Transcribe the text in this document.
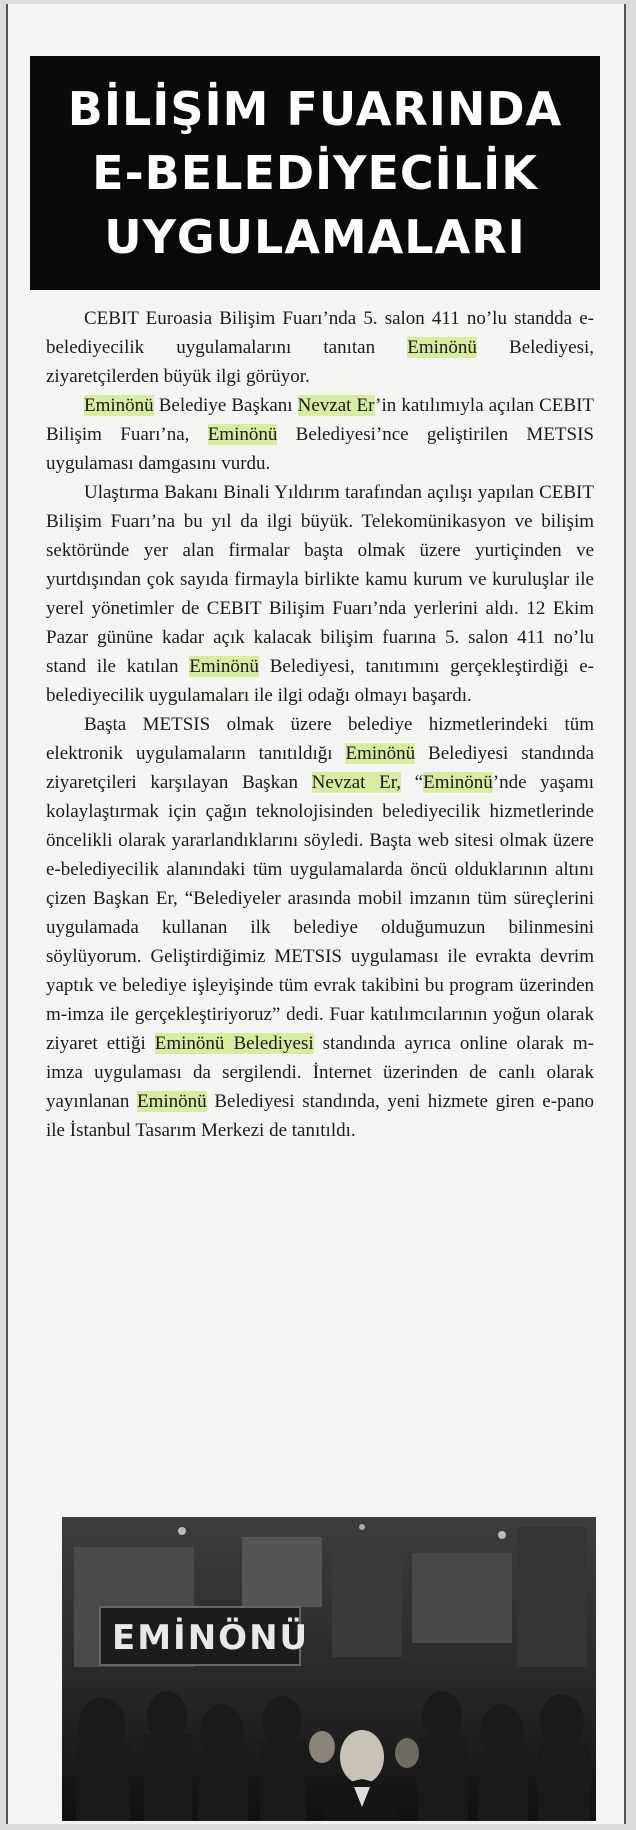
BİLİŞİM FUARINDA
E-BELEDİYECİLİK
UYGULAMALARI

CEBIT Euroasia Bilişim Fuarı’nda 5. salon 411 no’lu standda e-belediyecilik uygulamalarını tanıtan Eminönü Belediyesi, ziyaretçilerden büyük ilgi görüyor.

Eminönü Belediye Başkanı Nevzat Er’in katılımıyla açılan CEBIT Bilişim Fuarı’na, Eminönü Belediyesi’nce geliştirilen METSIS uygulaması damgasını vurdu.

Ulaştırma Bakanı Binali Yıldırım tarafından açılışı yapılan CEBIT Bilişim Fuarı’na bu yıl da ilgi büyük. Telekomünikasyon ve bilişim sektöründe yer alan firmalar başta olmak üzere yurtiçinden ve yurtdışından çok sayıda firmayla birlikte kamu kurum ve kuruluşlar ile yerel yönetimler de CEBIT Bilişim Fuarı’nda yerlerini aldı. 12 Ekim Pazar gününe kadar açık kalacak bilişim fuarına 5. salon 411 no’lu stand ile katılan Eminönü Belediyesi, tanıtımını gerçekleştirdiği e-belediyecilik uygulamaları ile ilgi odağı olmayı başardı.

Başta METSIS olmak üzere belediye hizmetlerindeki tüm elektronik uygulamaların tanıtıldığı Eminönü Belediyesi standında ziyaretçileri karşılayan Başkan Nevzat Er, “Eminönü’nde yaşamı kolaylaştırmak için çağın teknolojisinden belediyecilik hizmetlerinde öncelikli olarak yararlandıklarını söyledi. Başta web sitesi olmak üzere e-belediyecilik alanındaki tüm uygulamalarda öncü olduklarının altını çizen Başkan Er, “Belediyeler arasında mobil imzanın tüm süreçlerini uygulamada kullanan ilk belediye olduğumuzun bilinmesini söylüyorum. Geliştirdiğimiz METSIS uygulaması ile evrakta devrim yaptık ve belediye işleyişinde tüm evrak takibini bu program üzerinden m-imza ile gerçekleştiriyoruz” dedi. Fuar katılımcılarının yoğun olarak ziyaret ettiği Eminönü Belediyesi standında ayrıca online olarak m-imza uygulaması da sergilendi. İnternet üzerinden de canlı olarak yayınlanan Eminönü Belediyesi standında, yeni hizmete giren e-pano ile İstanbul Tasarım Merkezi de tanıtıldı.

EMİNÖNÜ
